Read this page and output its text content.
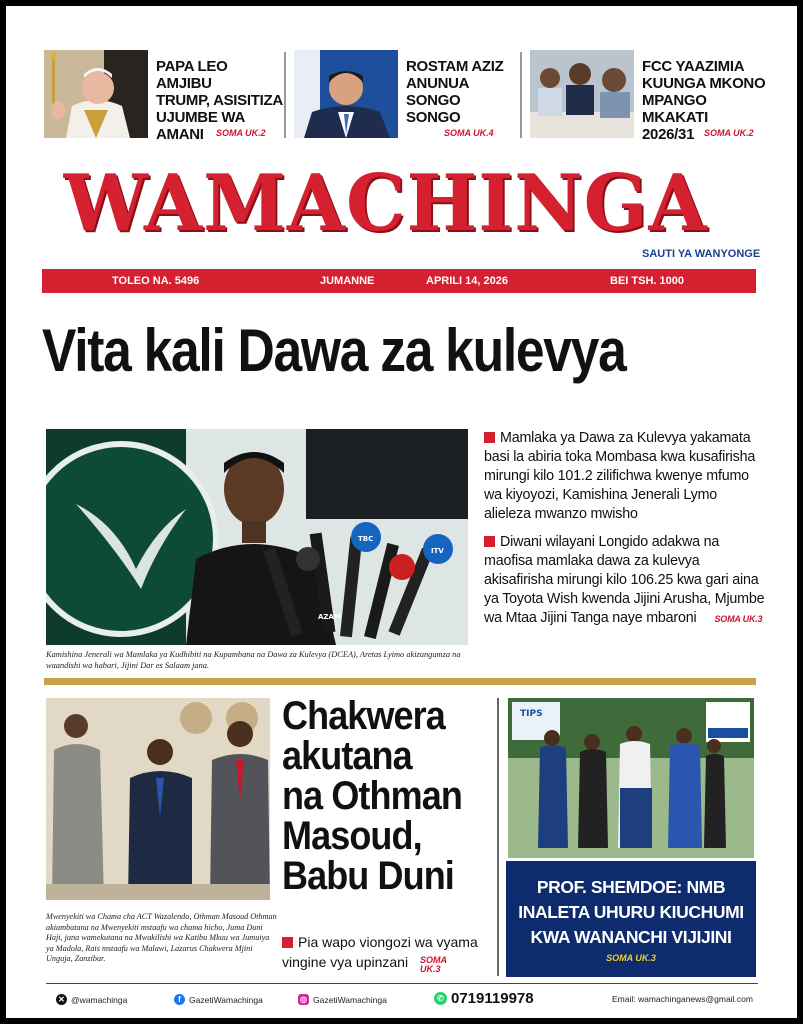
PAPA LEO AMJIBU
TRUMP, ASISITIZA
UJUMBE WA
AMANI	SOMA UK.2
ROSTAM AZIZ
ANUNUA SONGO
SONGO
SOMA UK.4
FCC YAAZIMIA
KUUNGA MKONO
MPANGO MKAKATI
2026/31	SOMA UK.2
WAMACHINGA
SAUTI YA WANYONGE
TOLEO NA. 5496	JUMANNE	APRILI 14, 2026	BEI TSH. 1000
Vita kali Dawa za kulevya
TBC
ITV
AZAM
Kamishina Jenerali wa Mamlaka ya Kudhibiti na Kupambana na Dawa za Kulevya (DCEA), Aretas Lyimo akizungumza na waandishi wa habari, Jijini Dar es Salaam jana.

Mamlaka ya Dawa za Kulevya yakamata basi la abiria toka Mombasa kwa kusafirisha mirungi kilo 101.2 zilifichwa kwenye mfumo wa kiyoyozi, Kamishina Jenerali Lymo alieleza mwanzo mwisho

Diwani wilayani Longido adakwa na maofisa mamlaka dawa za kulevya akisafirisha mirungi kilo 106.25 kwa gari aina ya Toyota Wish kwenda Jijini Arusha, Mjumbe wa Mtaa Jijini Tanga naye mbaroni SOMA UK.3

Mwenyekiti wa Chama cha ACT Wazalendo, Othman Masoud Othman akiambatana na Mwenyekiti mstaafu wa chama hicho, Juma Duni Haji, jana wamekutana na Mwakilishi wa Katibu Mkuu wa Jumuiya ya Madola, Rais mstaafu wa Malawi, Lazarus Chakwera Mjini Unguja, Zanzibar.
Chakwera
akutana
na Othman
Masoud,
Babu Duni
Pia wapo viongozi wa vyama vingine vya upinzani	SOMA UK.3
TIPS
PROF. SHEMDOE: NMB
INALETA UHURU KIUCHUMI
KWA WANANCHI VIJIJINI
SOMA UK.3
✕ @wamachinga	f GazetiWamachinga	◎ GazetiWamachinga	✆ 0719119978	Email: wamachinganews@gmail.com
